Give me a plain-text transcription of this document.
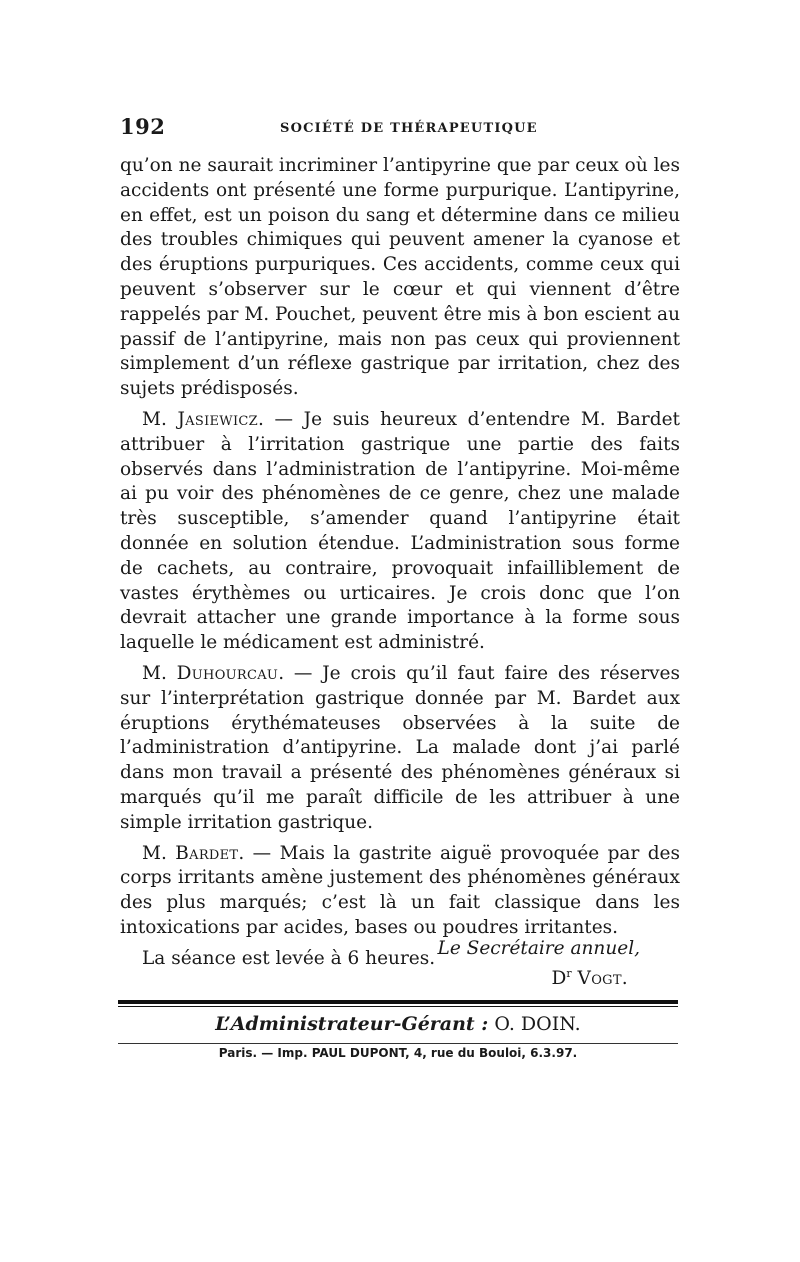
192	SOCIÉTÉ DE THÉRAPEUTIQUE

qu’on ne saurait incriminer l’antipyrine que par ceux où les accidents ont présenté une forme purpurique. L’antipyrine, en effet, est un poison du sang et détermine dans ce milieu des troubles chimiques qui peuvent amener la cyanose et des éruptions purpuriques. Ces accidents, comme ceux qui peuvent s’observer sur le cœur et qui viennent d’être rappelés par M. Pouchet, peuvent être mis à bon escient au passif de l’antipyrine, mais non pas ceux qui proviennent simplement d’un réflexe gastrique par irritation, chez des sujets prédisposés.

M. Jasiewicz. — Je suis heureux d’entendre M. Bardet attribuer à l’irritation gastrique une partie des faits observés dans l’administration de l’antipyrine. Moi-même ai pu voir des phénomènes de ce genre, chez une malade très susceptible, s’amender quand l’antipyrine était donnée en solution étendue. L’administration sous forme de cachets, au contraire, provoquait infailliblement de vastes érythèmes ou urticaires. Je crois donc que l’on devrait attacher une grande importance à la forme sous laquelle le médicament est administré.

M. Duhourcau. — Je crois qu’il faut faire des réserves sur l’interprétation gastrique donnée par M. Bardet aux éruptions érythémateuses observées à la suite de l’administration d’antipyrine. La malade dont j’ai parlé dans mon travail a présenté des phénomènes généraux si marqués qu’il me paraît difficile de les attribuer à une simple irritation gastrique.

M. Bardet. — Mais la gastrite aiguë provoquée par des corps irritants amène justement des phénomènes généraux des plus marqués; c’est là un fait classique dans les intoxications par acides, bases ou poudres irritantes.

La séance est levée à 6 heures. Le Secrétaire annuel,
$D^r$ Vogt.
L’Administrateur-Gérant : O. DOIN.
Paris. — Imp. PAUL DUPONT, 4, rue du Bouloi, 6.3.97.
